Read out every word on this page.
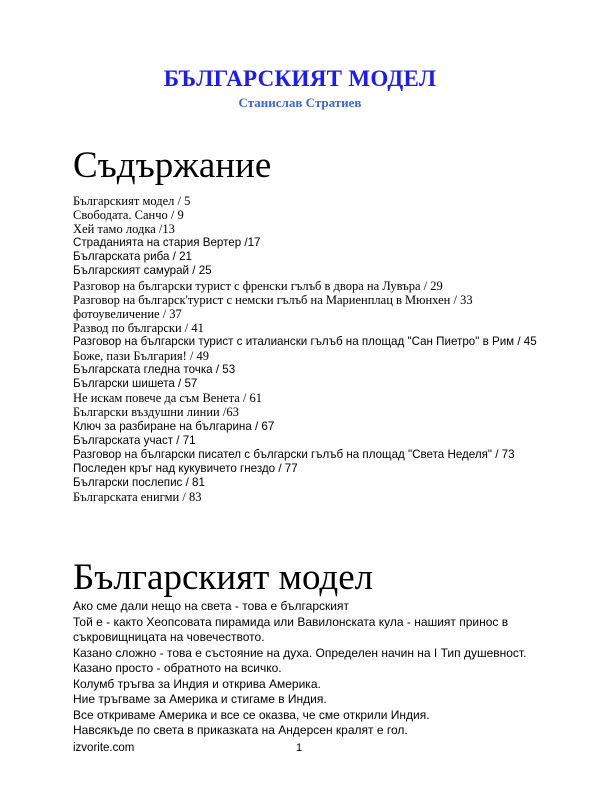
БЪЛГАРСКИЯТ МОДЕЛ
Станислав Стратиев
Съдържание
Българският модел / 5
Свободата. Санчо / 9
Хей тамо лодка /13
Страданията на стария Вертер /17
Българската риба / 21
Българският самурай / 25
Разговор на български турист с френски гълъб в двора на Лувъра / 29
Разговор на българск'турист с немски гълъб на Мариенплац в Мюнхен / 33
фотоувеличение / 37
Развод по български / 41
Разговор на български турист с италиански гълъб на площад "Сан Пиетро" в Рим / 45
Боже, пази България! / 49
Българската гледна точка / 53
Български шишета / 57
Не искам повече да съм Венета / 61
Български въздушни линии /63
Ключ за разбиране на българина / 67
Българската участ / 71
Разговор на български писател с български гълъб на площад "Света Неделя" / 73
Последен кръг над кукувичето гнездо / 77
Български послепис / 81
Българската енигми / 83
Българският модел

Ако сме дали нещо на света - това е българският

Той е - както Хеопсовата пирамида или Вавилонската кула - нашият принос в съкровищницата на човечеството.

Казано сложно - това е състояние на духа. Определен начин на I Тип душевност.

Казано просто - обратното на всичко.

Колумб тръгва за Индия и открива Америка.

Ние тръгваме за Америка и стигаме в Индия.

Все откриваме Америка и все се оказва, че сме открили Индия.

Навсякъде по света в приказката на Андерсен кралят е гол.

izvorite.com	1
